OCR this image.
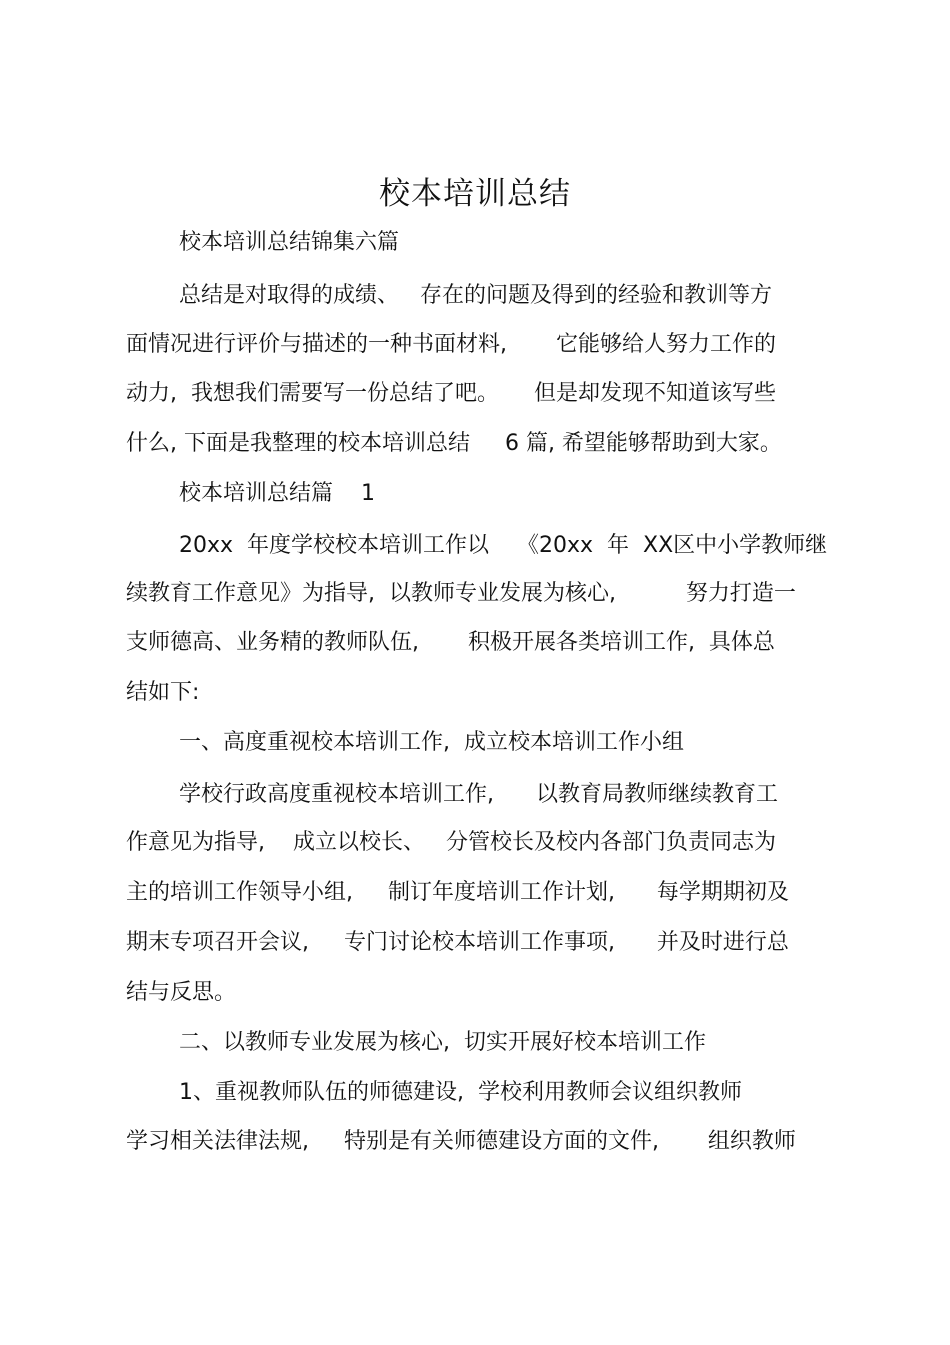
校本培训总结
校本培训总结锦集六篇
总结是对取得的成绩、   存在的问题及得到的经验和教训等方
面情况进行评价与描述的一种书面材料,       它能够给人努力工作的
动力,  我想我们需要写一份总结了吧。     但是却发现不知道该写些
什么, 下面是我整理的校本培训总结     6 篇, 希望能够帮助到大家。
校本培训总结篇    1
20xx  年度学校校本培训工作以    《20xx  年  XX区中小学教师继
续教育工作意见》为指导,  以教师专业发展为核心,          努力打造一
支师德高、业务精的教师队伍,       积极开展各类培训工作,  具体总
结如下:
一、高度重视校本培训工作,  成立校本培训工作小组
学校行政高度重视校本培训工作,      以教育局教师继续教育工
作意见为指导,    成立以校长、   分管校长及校内各部门负责同志为
主的培训工作领导小组,     制订年度培训工作计划,      每学期期初及
期末专项召开会议,     专门讨论校本培训工作事项,      并及时进行总
结与反思。
二、以教师专业发展为核心,  切实开展好校本培训工作
1、重视教师队伍的师德建设,  学校利用教师会议组织教师
学习相关法律法规,     特别是有关师德建设方面的文件,       组织教师
